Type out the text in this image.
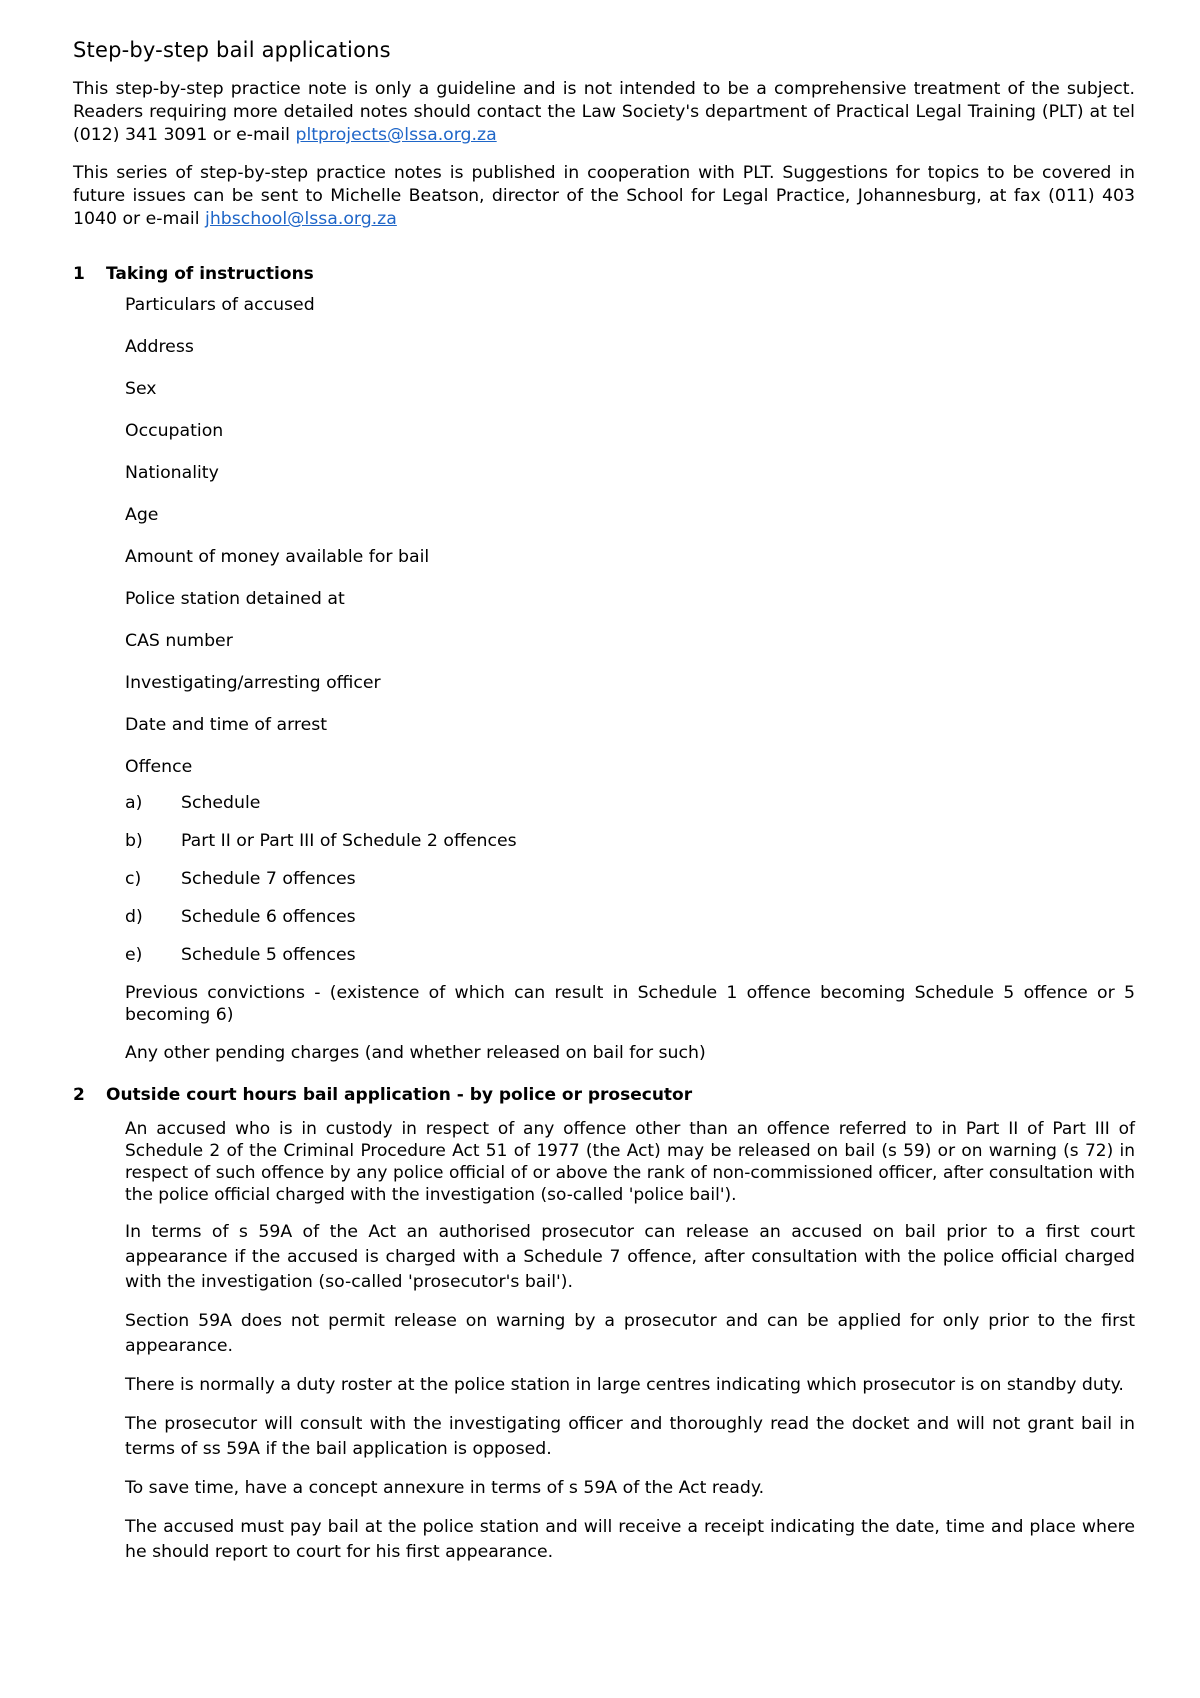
Step-by-step bail applications

This step-by-step practice note is only a guideline and is not intended to be a comprehensive treatment of the subject. Readers requiring more detailed notes should contact the Law Society's department of Practical Legal Training (PLT) at tel (012) 341 3091 or e-mail pltprojects@lssa.org.za

This series of step-by-step practice notes is published in cooperation with PLT. Suggestions for topics to be covered in future issues can be sent to Michelle Beatson, director of the School for Legal Practice, Johannesburg, at fax (011) 403 1040 or e-mail jhbschool@lssa.org.za

1	Taking of instructions
Particulars of accused
Address
Sex
Occupation
Nationality
Age
Amount of money available for bail
Police station detained at
CAS number
Investigating/arresting officer
Date and time of arrest
Offence
a)	Schedule
b)	Part II or Part III of Schedule 2 offences
c)	Schedule 7 offences
d)	Schedule 6 offences
e)	Schedule 5 offences
Previous convictions - (existence of which can result in Schedule 1 offence becoming Schedule 5 offence or 5 becoming 6)
Any other pending charges (and whether released on bail for such)
2	Outside court hours bail application - by police or prosecutor

An accused who is in custody in respect of any offence other than an offence referred to in Part II of Part III of Schedule 2 of the Criminal Procedure Act 51 of 1977 (the Act) may be released on bail (s 59) or on warning (s 72) in respect of such offence by any police official of or above the rank of non-commissioned officer, after consultation with the police official charged with the investigation (so-called 'police bail').

In terms of s 59A of the Act an authorised prosecutor can release an accused on bail prior to a first court appearance if the accused is charged with a Schedule 7 offence, after consultation with the police official charged with the investigation (so-called 'prosecutor's bail').

Section 59A does not permit release on warning by a prosecutor and can be applied for only prior to the first appearance.

There is normally a duty roster at the police station in large centres indicating which prosecutor is on standby duty.

The prosecutor will consult with the investigating officer and thoroughly read the docket and will not grant bail in terms of ss 59A if the bail application is opposed.

To save time, have a concept annexure in terms of s 59A of the Act ready.

The accused must pay bail at the police station and will receive a receipt indicating the date, time and place where he should report to court for his first appearance.
